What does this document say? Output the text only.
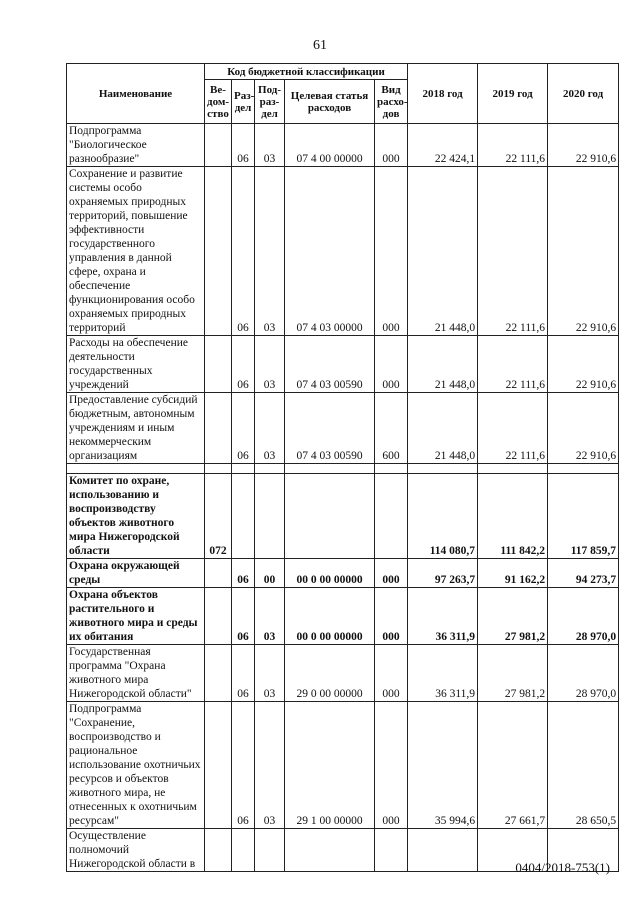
61
Наименование	Код бюджетной классификации					2018 год	2019 год	2020 год
	Ве-дом-ство	Раз-дел	Под-раз-дел	Целевая статья расходов	Вид расхо-дов			
Подпрограмма "Биологическое разнообразие"		06	03	07 4 00 00000	000	22 424,1	22 111,6	22 910,6
Сохранение и развитие системы особо охраняемых природных территорий, повышение эффективности государственного управления в данной сфере, охрана и обеспечение функционирования особо охраняемых природных территорий		06	03	07 4 03 00000	000	21 448,0	22 111,6	22 910,6
Расходы на обеспечение деятельности государственных учреждений		06	03	07 4 03 00590	000	21 448,0	22 111,6	22 910,6
Предоставление субсидий бюджетным, автономным учреждениям и иным некоммерческим организациям		06	03	07 4 03 00590	600	21 448,0	22 111,6	22 910,6

Комитет по охране, использованию и воспроизводству объектов животного мира Нижегородской области	072					114 080,7	111 842,2	117 859,7
Охрана окружающей среды		06	00	00 0 00 00000	000	97 263,7	91 162,2	94 273,7
Охрана объектов растительного и животного мира и среды их обитания		06	03	00 0 00 00000	000	36 311,9	27 981,2	28 970,0
Государственная программа "Охрана животного мира Нижегородской области"		06	03	29 0 00 00000	000	36 311,9	27 981,2	28 970,0
Подпрограмма "Сохранение, воспроизводство и рациональное использование охотничьих ресурсов и объектов животного мира, не отнесенных к охотничьим ресурсам"		06	03	29 1 00 00000	000	35 994,6	27 661,7	28 650,5
Осуществление полномочий Нижегородской области в									0404/2018-753(1)
